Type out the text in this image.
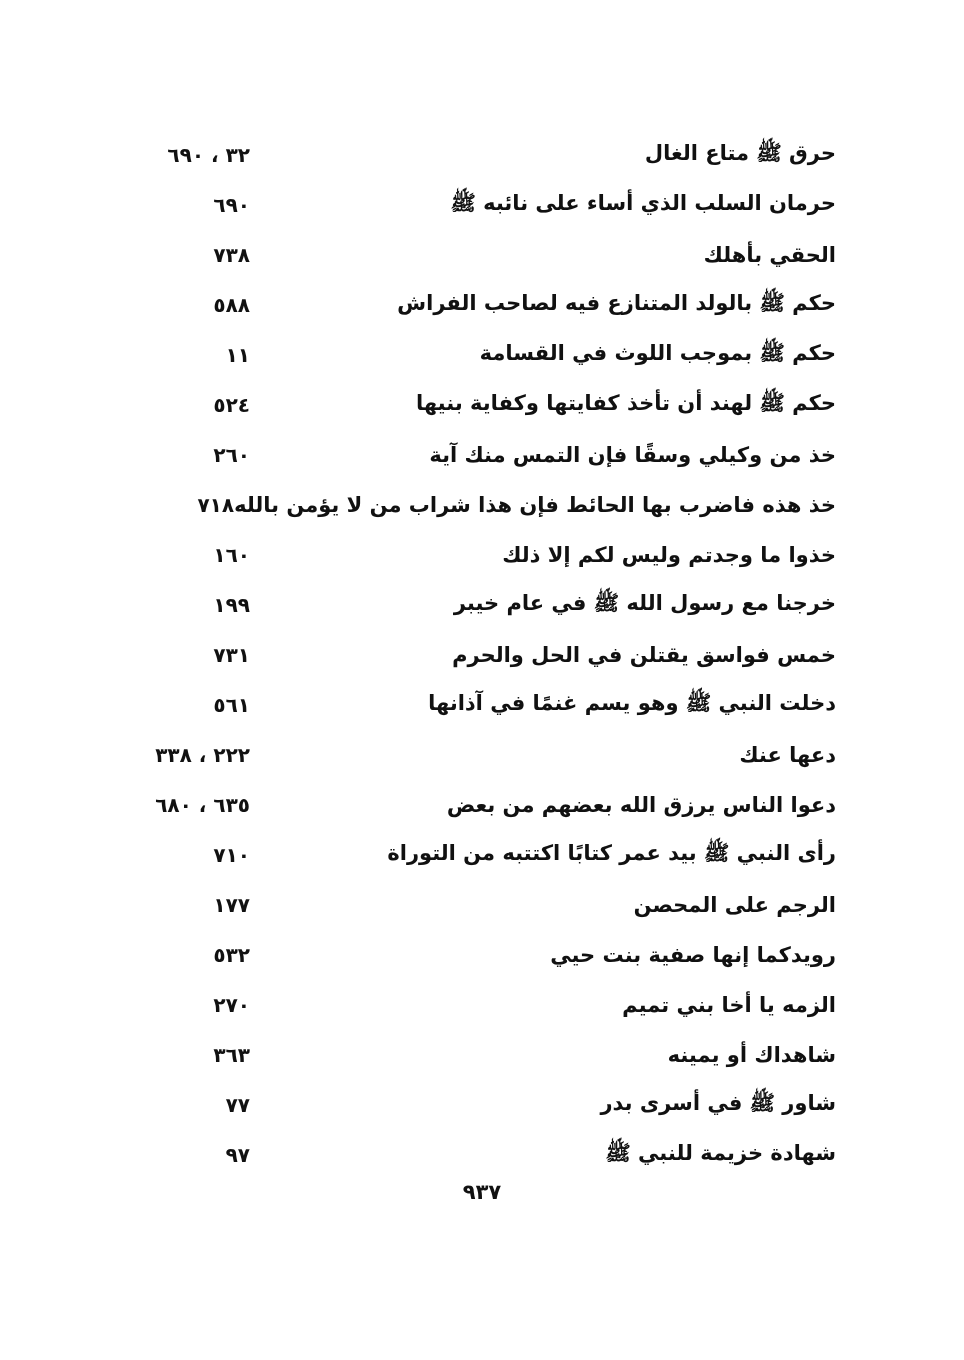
حرق ﷺ متاع الغال
٣٢ ، ٦٩٠
حرمان السلب الذي أساء على نائبه ﷺ
٦٩٠
الحقي بأهلك
٧٣٨
حكم ﷺ بالولد المتنازع فيه لصاحب الفراش
٥٨٨
حكم ﷺ بموجب اللوث في القسامة
١١
حكم ﷺ لهند أن تأخذ كفايتها وكفاية بنيها
٥٢٤
خذ من وكيلي وسقًا فإن التمس منك آية
٢٦٠
خذ هذه فاضرب بها الحائط فإن هذا شراب من لا يؤمن بالله
٧١٨
خذوا ما وجدتم وليس لكم إلا ذلك
١٦٠
خرجنا مع رسول الله ﷺ في عام خيبر
١٩٩
خمس فواسق يقتلن في الحل والحرم
٧٣١
دخلت النبي ﷺ وهو يسم غنمًا في آذانها
٥٦١
دعها عنك
٢٢٢ ، ٣٣٨
دعوا الناس يرزق الله بعضهم من بعض
٦٣٥ ، ٦٨٠
رأى النبي ﷺ بيد عمر كتابًا اكتتبه من التوراة
٧١٠
الرجم على المحصن
١٧٧
رويدكما إنها صفية بنت حيي
٥٣٢
الزمه يا أخا بني تميم
٢٧٠
شاهداك أو يمينه
٣٦٣
شاور ﷺ في أسرى بدر
٧٧
شهادة خزيمة للنبي ﷺ
٩٧
٩٣٧
